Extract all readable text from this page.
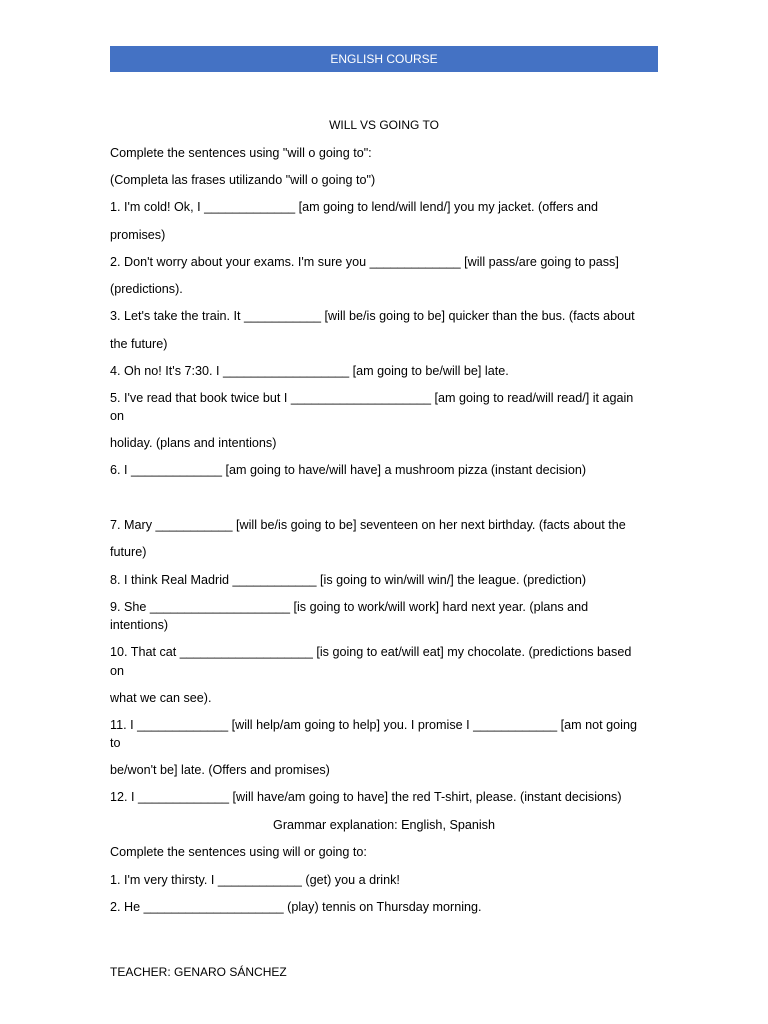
ENGLISH COURSE
WILL VS GOING TO
Complete the sentences using "will o going to":
(Completa las frases utilizando "will o going to")
1. I'm cold! Ok, I _____________ [am going to lend/will lend/] you my jacket. (offers and
promises)
2. Don't worry about your exams. I'm sure you _____________ [will pass/are going to pass]
(predictions).
3. Let's take the train. It ___________ [will be/is going to be] quicker than the bus. (facts about
the future)
4. Oh no! It's 7:30. I __________________ [am going to be/will be] late.
5. I've read that book twice but I ____________________ [am going to read/will read/] it again
on
holiday. (plans and intentions)
6. I _____________ [am going to have/will have] a mushroom pizza (instant decision)
7. Mary ___________ [will be/is going to be] seventeen on her next birthday. (facts about the
future)
8. I think Real Madrid ____________ [is going to win/will win/] the league. (prediction)
9. She ____________________ [is going to work/will work] hard next year. (plans and
intentions)
10. That cat ___________________ [is going to eat/will eat] my chocolate. (predictions based
on
what we can see).
11. I _____________ [will help/am going to help] you. I promise I ____________ [am not going
to
be/won't be] late. (Offers and promises)
12. I _____________ [will have/am going to have] the red T-shirt, please. (instant decisions)
Grammar explanation: English, Spanish
Complete the sentences using will or going to:
1. I'm very thirsty. I ____________ (get) you a drink!
2. He ____________________ (play) tennis on Thursday morning.
TEACHER: GENARO SÁNCHEZ
